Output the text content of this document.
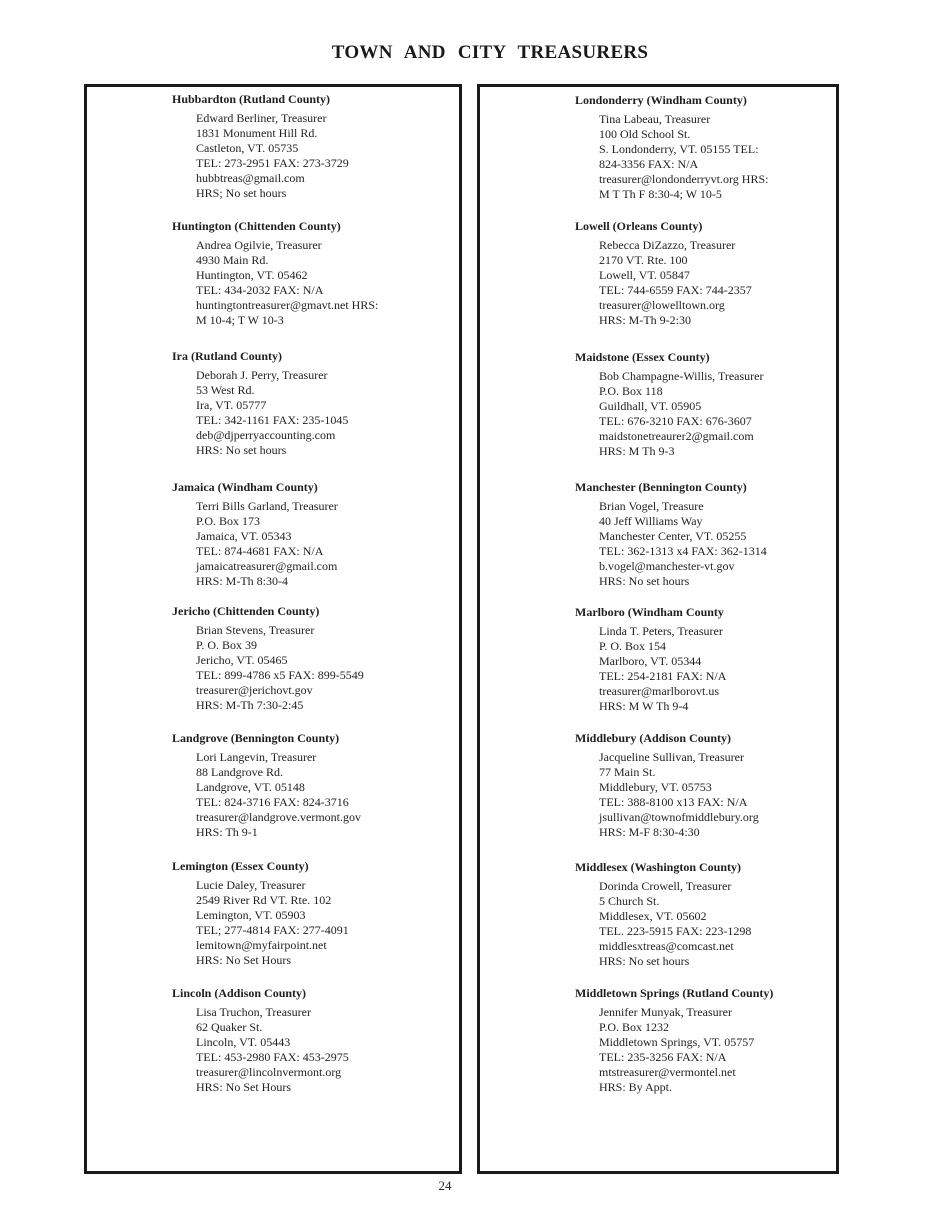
TOWN AND CITY TREASURERS
24
Hubbardton (Rutland County)
Edward Berliner, Treasurer
1831 Monument Hill Rd.
Castleton, VT. 05735
TEL: 273-2951 FAX: 273-3729
hubbtreas@gmail.com
HRS; No set hours
Huntington (Chittenden County)
Andrea Ogilvie, Treasurer
4930 Main Rd.
Huntington, VT. 05462
TEL: 434-2032 FAX: N/A
huntingtontreasurer@gmavt.net HRS:
M 10-4; T W 10-3
Ira (Rutland County)
Deborah J. Perry, Treasurer
53 West Rd.
Ira, VT. 05777
TEL: 342-1161 FAX: 235-1045
deb@djperryaccounting.com
HRS: No set hours
Jamaica (Windham County)
Terri Bills Garland, Treasurer
P.O. Box 173
Jamaica, VT. 05343
TEL: 874-4681 FAX: N/A
jamaicatreasurer@gmail.com
HRS: M-Th 8:30-4
Jericho (Chittenden County)
Brian Stevens, Treasurer
P. O. Box 39
Jericho, VT. 05465
TEL: 899-4786 x5 FAX: 899-5549
treasurer@jerichovt.gov
HRS: M-Th 7:30-2:45
Landgrove (Bennington County)
Lori Langevin, Treasurer
88 Landgrove Rd.
Landgrove, VT. 05148
TEL: 824-3716 FAX: 824-3716
treasurer@landgrove.vermont.gov
HRS: Th 9-1
Lemington (Essex County)
Lucie Daley, Treasurer
2549 River Rd VT. Rte. 102
Lemington, VT. 05903
TEL; 277-4814 FAX: 277-4091
lemitown@myfairpoint.net
HRS: No Set Hours
Lincoln (Addison County)
Lisa Truchon, Treasurer
62 Quaker St.
Lincoln, VT. 05443
TEL: 453-2980 FAX: 453-2975
treasurer@lincolnvermont.org
HRS: No Set Hours
Londonderry (Windham County)
Tina Labeau, Treasurer
100 Old School St.
S. Londonderry, VT. 05155 TEL:
824-3356 FAX: N/A
treasurer@londonderryvt.org HRS:
M T Th F 8:30-4; W 10-5
Lowell (Orleans County)
Rebecca DiZazzo, Treasurer
2170 VT. Rte. 100
Lowell, VT. 05847
TEL: 744-6559 FAX: 744-2357
treasurer@lowelltown.org
HRS: M-Th 9-2:30
Maidstone (Essex County)
Bob Champagne-Willis, Treasurer
P.O. Box 118
Guildhall, VT. 05905
TEL: 676-3210 FAX: 676-3607
maidstonetreaurer2@gmail.com
HRS: M Th 9-3
Manchester (Bennington County)
Brian Vogel, Treasure
40 Jeff Williams Way
Manchester Center, VT. 05255
TEL: 362-1313 x4 FAX: 362-1314
b.vogel@manchester-vt.gov
HRS: No set hours
Marlboro (Windham County
Linda T. Peters, Treasurer
P. O. Box 154
Marlboro, VT. 05344
TEL: 254-2181 FAX: N/A
treasurer@marlborovt.us
HRS: M W Th 9-4
Middlebury (Addison County)
Jacqueline Sullivan, Treasurer
77 Main St.
Middlebury, VT. 05753
TEL: 388-8100 x13 FAX: N/A
jsullivan@townofmiddlebury.org
HRS: M-F 8:30-4:30
Middlesex (Washington County)
Dorinda Crowell, Treasurer
5 Church St.
Middlesex, VT. 05602
TEL. 223-5915 FAX: 223-1298
middlesxtreas@comcast.net
HRS: No set hours
Middletown Springs (Rutland County)
Jennifer Munyak, Treasurer
P.O. Box 1232
Middletown Springs, VT. 05757
TEL: 235-3256 FAX: N/A
mtstreasurer@vermontel.net
HRS: By Appt.
